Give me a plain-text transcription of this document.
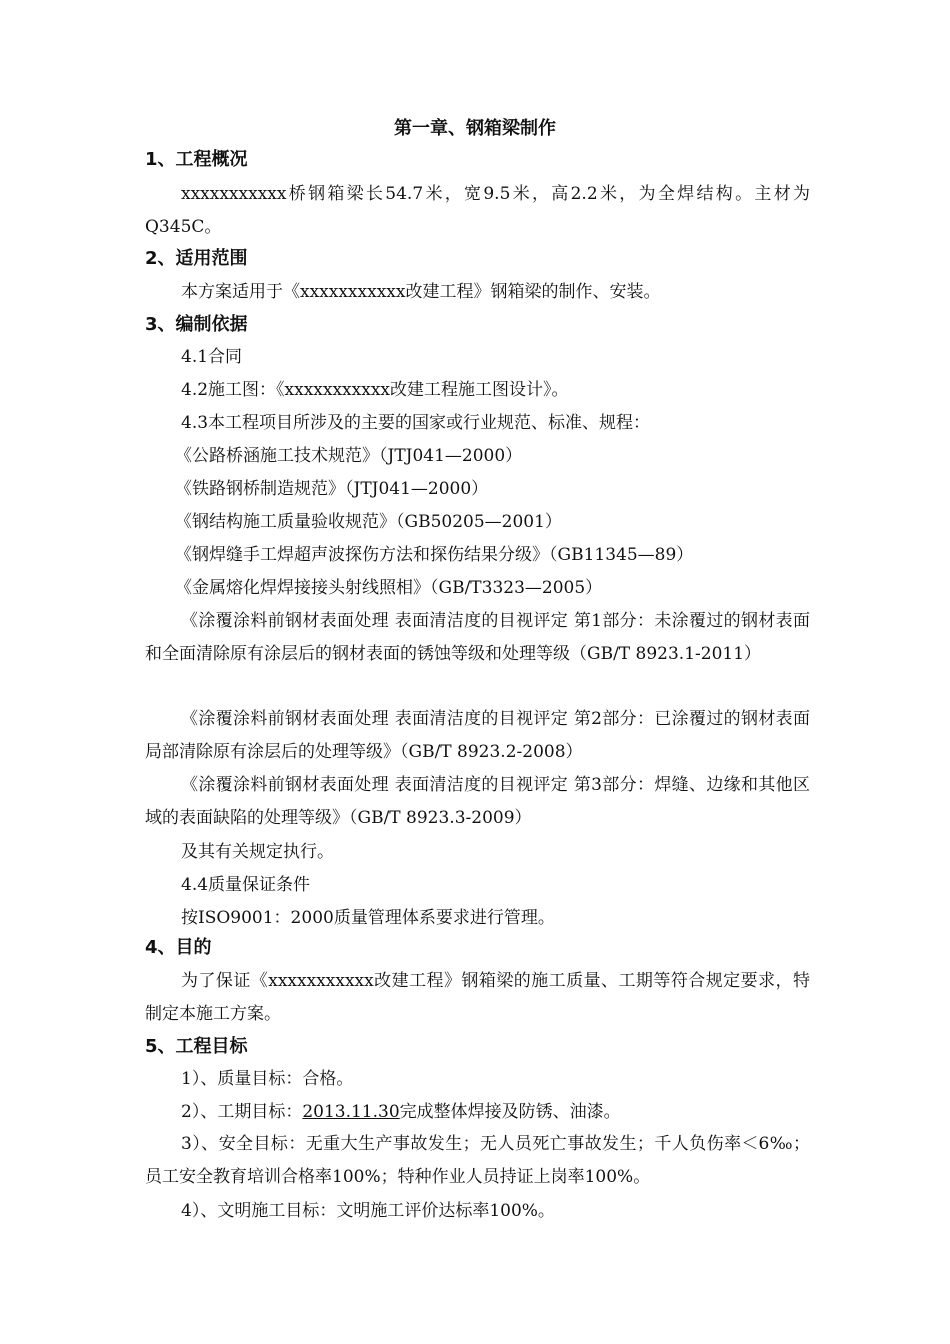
第一章、钢箱梁制作
1、工程概况
xxxxxxxxxxx桥钢箱梁长54.7米，宽9.5米，高2.2米，为全焊结构。主材为Q345C。
2、适用范围
本方案适用于《xxxxxxxxxxx改建工程》钢箱梁的制作、安装。
3、编制依据
4.1合同
4.2施工图：《xxxxxxxxxxx改建工程施工图设计》。
4.3本工程项目所涉及的主要的国家或行业规范、标准、规程：
《公路桥涵施工技术规范》（JTJ041—2000）
《铁路钢桥制造规范》（JTJ041—2000）
《钢结构施工质量验收规范》（GB50205—2001）
《钢焊缝手工焊超声波探伤方法和探伤结果分级》（GB11345—89）
《金属熔化焊焊接接头射线照相》（GB/T3323—2005）
《涂覆涂料前钢材表面处理 表面清洁度的目视评定 第1部分：未涂覆过的钢材表面和全面清除原有涂层后的钢材表面的锈蚀等级和处理等级（GB/T 8923.1-2011）
《涂覆涂料前钢材表面处理 表面清洁度的目视评定 第2部分：已涂覆过的钢材表面局部清除原有涂层后的处理等级》（GB/T 8923.2-2008）
《涂覆涂料前钢材表面处理 表面清洁度的目视评定 第3部分：焊缝、边缘和其他区域的表面缺陷的处理等级》（GB/T 8923.3-2009）
及其有关规定执行。
4.4质量保证条件
按ISO9001：2000质量管理体系要求进行管理。
4、目的
为了保证《xxxxxxxxxxx改建工程》钢箱梁的施工质量、工期等符合规定要求，特制定本施工方案。
5、工程目标
1）、质量目标：合格。
2）、工期目标：2013.11.30完成整体焊接及防锈、油漆。
3）、安全目标：无重大生产事故发生；无人员死亡事故发生；千人负伤率＜6‰；员工安全教育培训合格率100%；特种作业人员持证上岗率100%。
4）、文明施工目标：文明施工评价达标率100%。
